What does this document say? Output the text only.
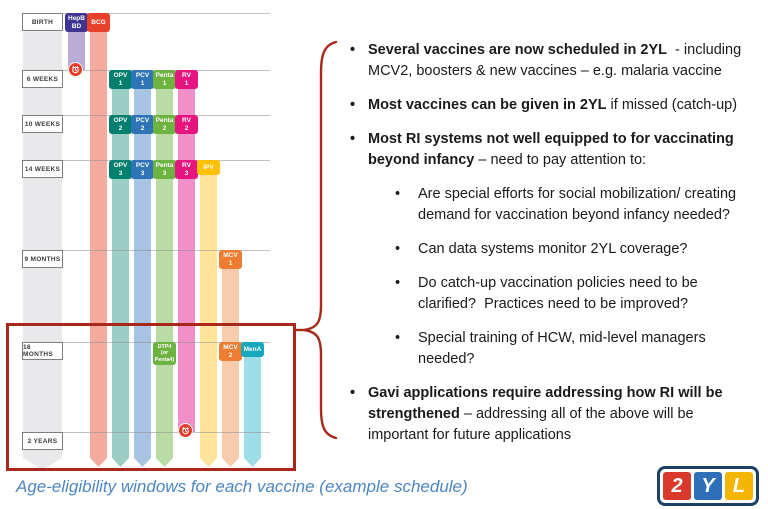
BIRTH
6 WEEKS
10 WEEKS
14 WEEKS
9 MONTHS
18 MONTHS
2 YEARS
HepB
BD
BCG
OPV
1
OPV
2
OPV
3
PCV
1
PCV
2
PCV
3
Penta
1
Penta
2
Penta
3
DTP4
(or
Penta4)
RV
1
RV
2
RV
3
IPV
MCV
1
MCV
2
MenA
• Several vaccines are now scheduled in 2YL  - including MCV2, boosters & new vaccines – e.g. malaria vaccine

• Most vaccines can be given in 2YL if missed (catch-up)

• Most RI systems not well equipped to for vaccinating beyond infancy – need to pay attention to:

•	Are special efforts for social mobilization/ creating demand for vaccination beyond infancy needed?

•	Can data systems monitor 2YL coverage?

•	Do catch-up vaccination policies need to be clarified?  Practices need to be improved?

•	Special training of HCW, mid-level managers needed?

• Gavi applications require addressing how RI will be strengthened – addressing all of the above will be important for future applications

Age-eligibility windows for each vaccine (example schedule)	2 Y L
